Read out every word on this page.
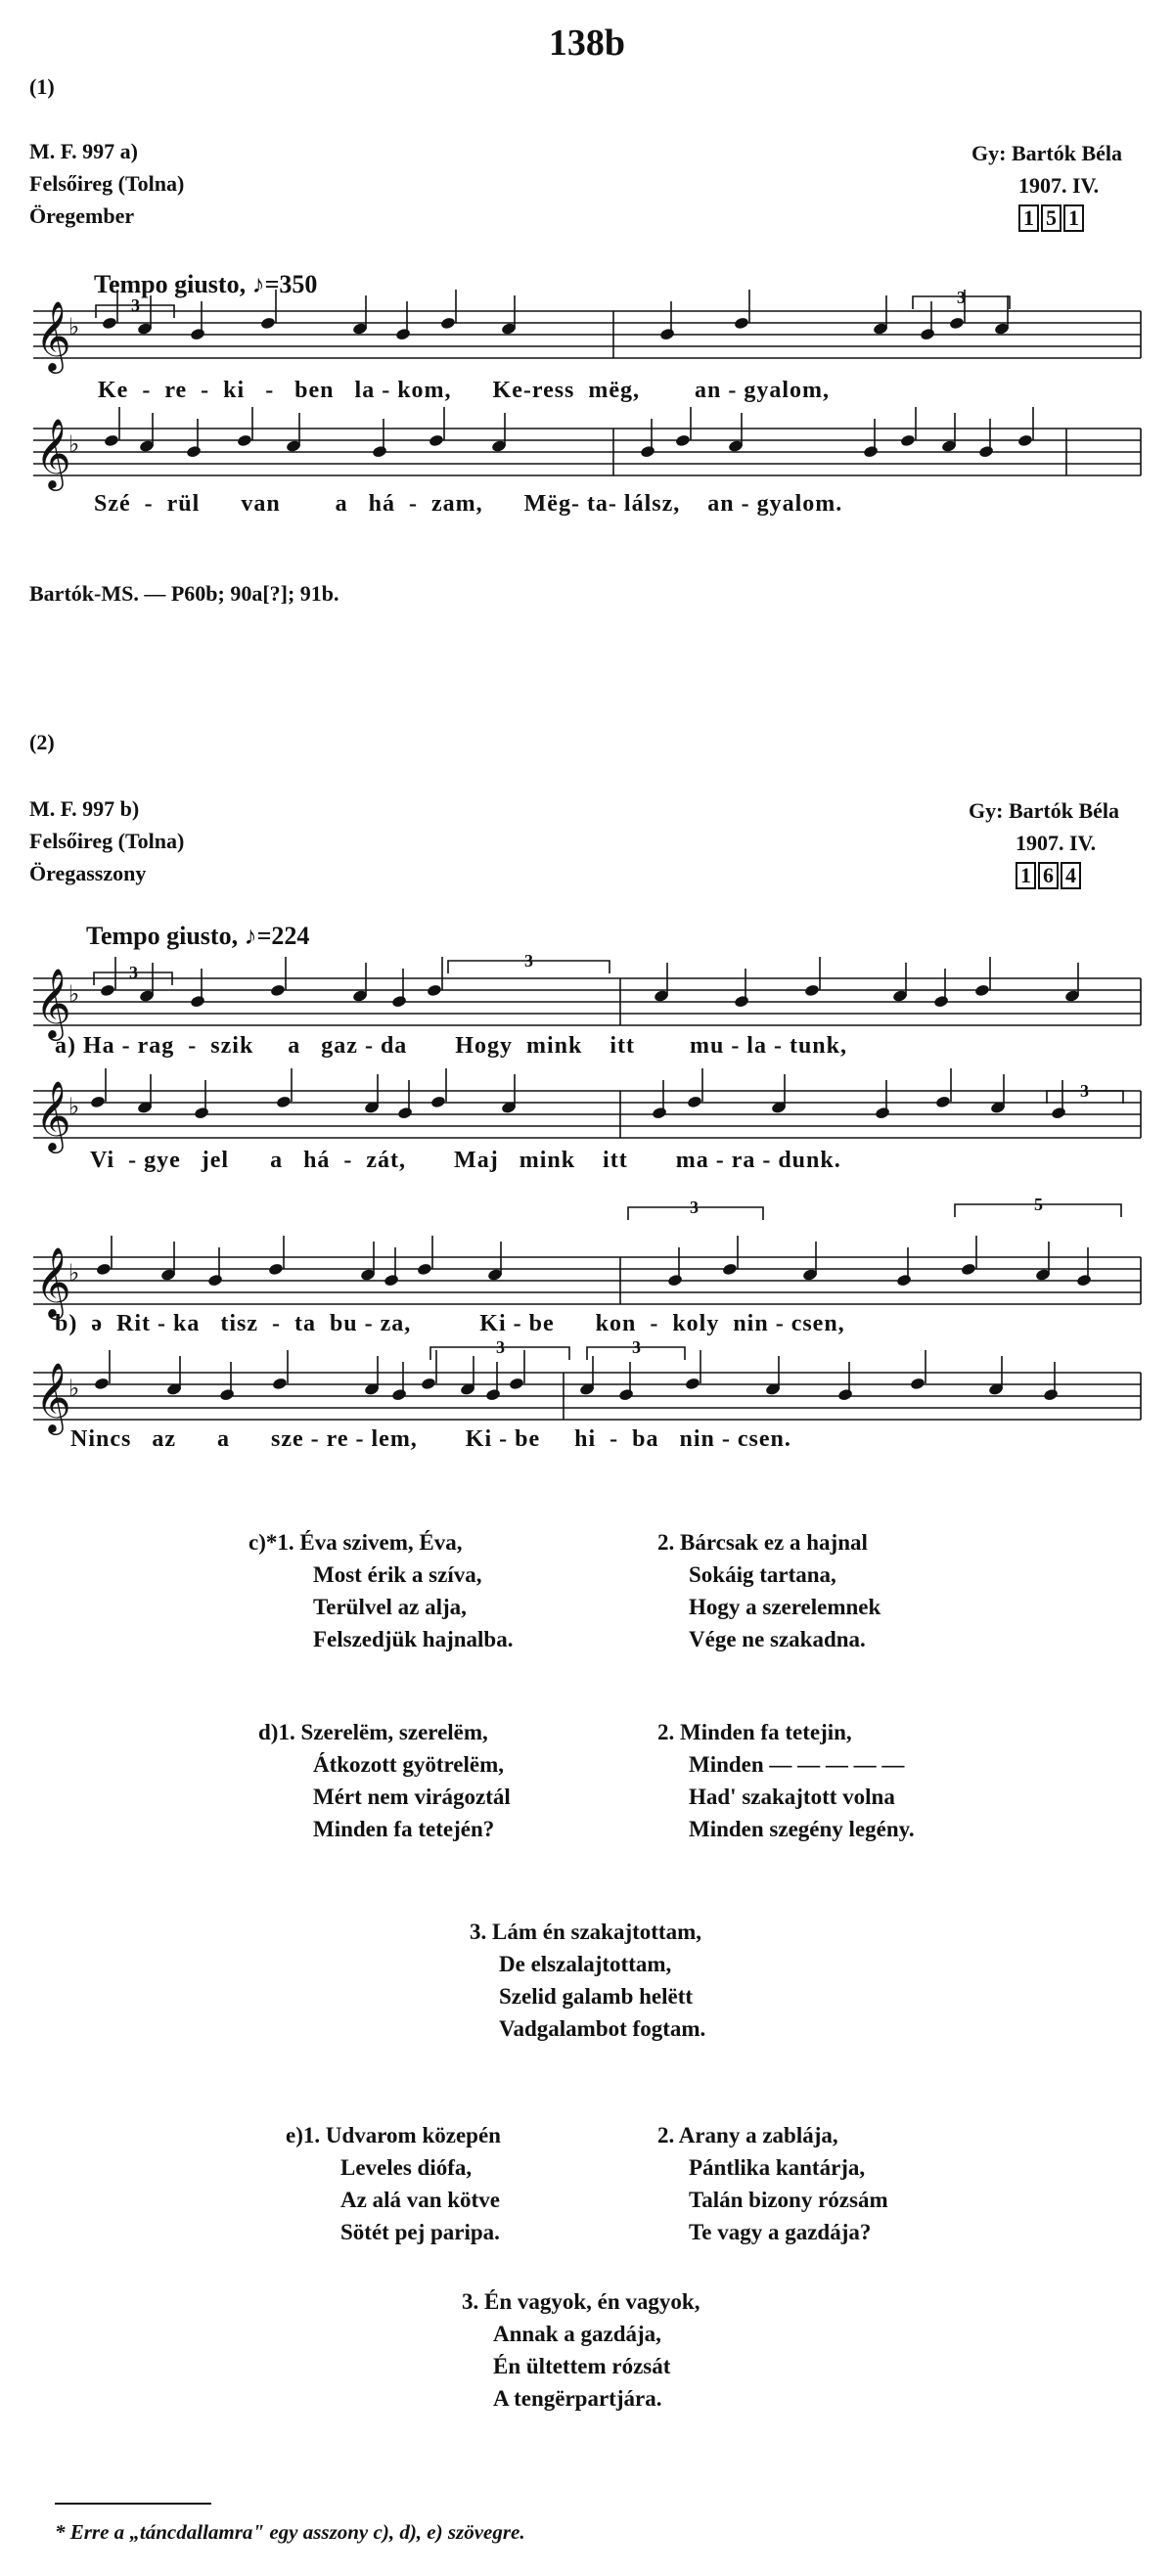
138b
(1)
M. F. 997 a)
Felsőireg (Tolna)
Öregember
Gy: Bartók Béla
1907. IV.
1 5 1
Tempo giusto, ♪=350
3	3
3
3
3
3	5
3	3
𝄞
𝄞
𝄞
𝄞
𝄞
𝄞
♭
♭
♭
♭
♭
♭
Ke  -  re  -  ki   -   ben   la - kom,      Ke-ress  mëg,        an - gyalom,
Szé  -  rül      van        a   há  -  zam,      Mëg- ta- lálsz,    an - gyalom.
Bartók-MS. — P60b; 90a[?]; 91b.
(2)
M. F. 997 b)
Felsőireg (Tolna)
Öregasszony
Gy: Bartók Béla
1907. IV.
1 6 4
Tempo giusto, ♪=224
a) Ha - rag  -  szik     a   gaz - da       Hogy  mink    itt        mu - la - tunk,
Vi  - gye   jel      a   há  -  zát,       Maj   mink    itt       ma - ra - dunk.
b)  ə  Rit - ka   tisz  -  ta  bu - za,          Ki - be      kon  -  koly  nin - csen,
Nincs   az      a      sze - re - lem,       Ki - be     hi  -  ba   nin - csen.
c)*1. Éva szivem, Éva,
Most érik a szíva,
Terülvel az alja,
Felszedjük hajnalba.
2. Bárcsak ez a hajnal
Sokáig tartana,
Hogy a szerelemnek
Vége ne szakadna.
d)1. Szerelëm, szerelëm,
Átkozott gyötrelëm,
Mért nem virágoztál
Minden fa tetején?
2. Minden fa tetejin,
Minden — — — — —
Had' szakajtott volna
Minden szegény legény.
3. Lám én szakajtottam,
De elszalajtottam,
Szelid galamb helëtt
Vadgalambot fogtam.
e)1. Udvarom közepén
Leveles diófa,
Az alá van kötve
Sötét pej paripa.
2. Arany a zablája,
Pántlika kantárja,
Talán bizony rózsám
Te vagy a gazdája?
3. Én vagyok, én vagyok,
Annak a gazdája,
Én ültettem rózsát
A tengërpartjára.
* Erre a „táncdallamra" egy asszony c), d), e) szövegre.
